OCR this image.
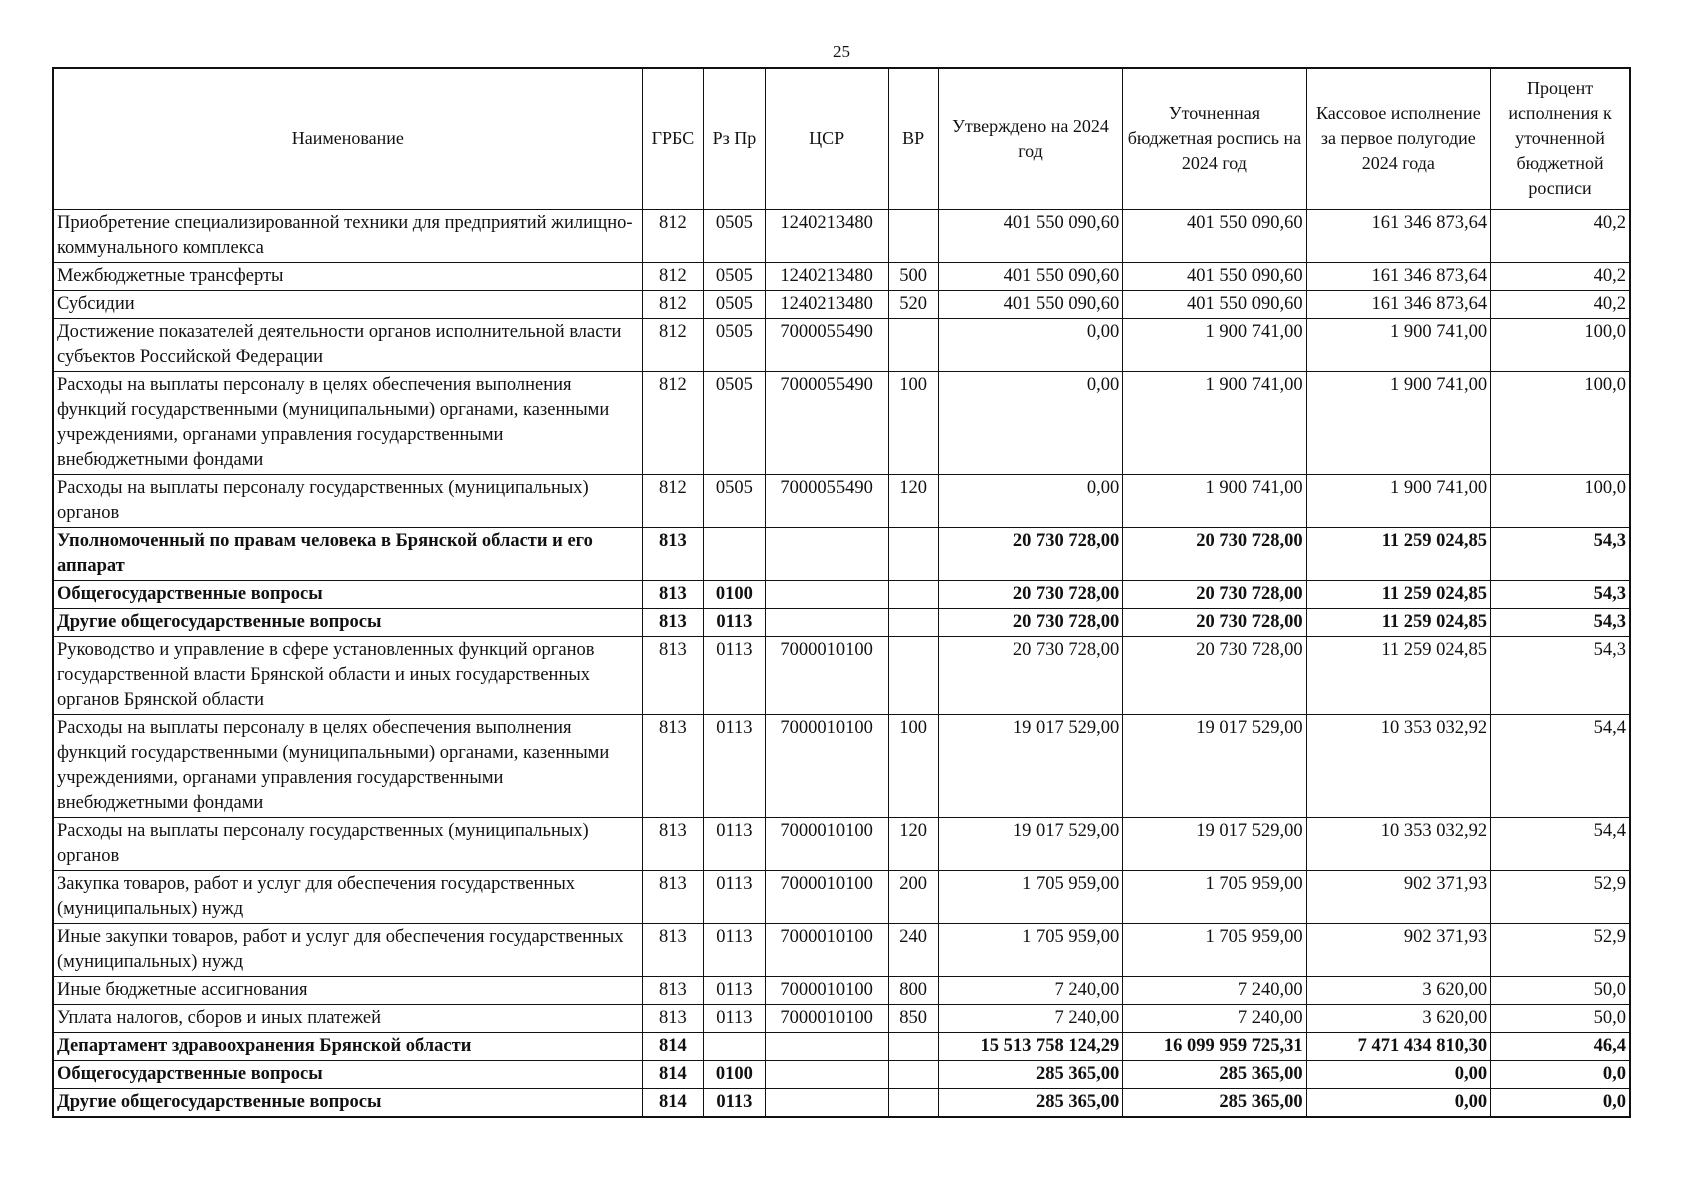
25
Наименование	ГРБС	Рз Пр	ЦСР	ВР	Утверждено на 2024 год	Уточненная бюджетная роспись на 2024 год	Кассовое исполнение за первое полугодие 2024 года	Процент исполнения к уточненной бюджетной росписи
Приобретение специализированной техники для предприятий жилищно-коммунального комплекса	812	0505	1240213480		401 550 090,60	401 550 090,60	161 346 873,64	40,2
Межбюджетные трансферты	812	0505	1240213480	500	401 550 090,60	401 550 090,60	161 346 873,64	40,2
Субсидии	812	0505	1240213480	520	401 550 090,60	401 550 090,60	161 346 873,64	40,2
Достижение показателей деятельности органов исполнительной власти субъектов Российской Федерации	812	0505	7000055490		0,00	1 900 741,00	1 900 741,00	100,0
Расходы на выплаты персоналу в целях обеспечения выполнения функций государственными (муниципальными) органами, казенными учреждениями, органами управления государственными внебюджетными фондами	812	0505	7000055490	100	0,00	1 900 741,00	1 900 741,00	100,0
Расходы на выплаты персоналу государственных (муниципальных) органов	812	0505	7000055490	120	0,00	1 900 741,00	1 900 741,00	100,0
Уполномоченный по правам человека в Брянской области и его аппарат	813				20 730 728,00	20 730 728,00	11 259 024,85	54,3
Общегосударственные вопросы	813	0100			20 730 728,00	20 730 728,00	11 259 024,85	54,3
Другие общегосударственные вопросы	813	0113			20 730 728,00	20 730 728,00	11 259 024,85	54,3
Руководство и управление в сфере установленных функций органов государственной власти Брянской области и иных государственных органов Брянской области	813	0113	7000010100		20 730 728,00	20 730 728,00	11 259 024,85	54,3
Расходы на выплаты персоналу в целях обеспечения выполнения функций государственными (муниципальными) органами, казенными учреждениями, органами управления государственными внебюджетными фондами	813	0113	7000010100	100	19 017 529,00	19 017 529,00	10 353 032,92	54,4
Расходы на выплаты персоналу государственных (муниципальных) органов	813	0113	7000010100	120	19 017 529,00	19 017 529,00	10 353 032,92	54,4
Закупка товаров, работ и услуг для обеспечения государственных (муниципальных) нужд	813	0113	7000010100	200	1 705 959,00	1 705 959,00	902 371,93	52,9
Иные закупки товаров, работ и услуг для обеспечения государственных (муниципальных) нужд	813	0113	7000010100	240	1 705 959,00	1 705 959,00	902 371,93	52,9
Иные бюджетные ассигнования	813	0113	7000010100	800	7 240,00	7 240,00	3 620,00	50,0
Уплата налогов, сборов и иных платежей	813	0113	7000010100	850	7 240,00	7 240,00	3 620,00	50,0
Департамент здравоохранения Брянской области	814				15 513 758 124,29	16 099 959 725,31	7 471 434 810,30	46,4
Общегосударственные вопросы	814	0100			285 365,00	285 365,00	0,00	0,0
Другие общегосударственные вопросы	814	0113			285 365,00	285 365,00	0,00	0,0
